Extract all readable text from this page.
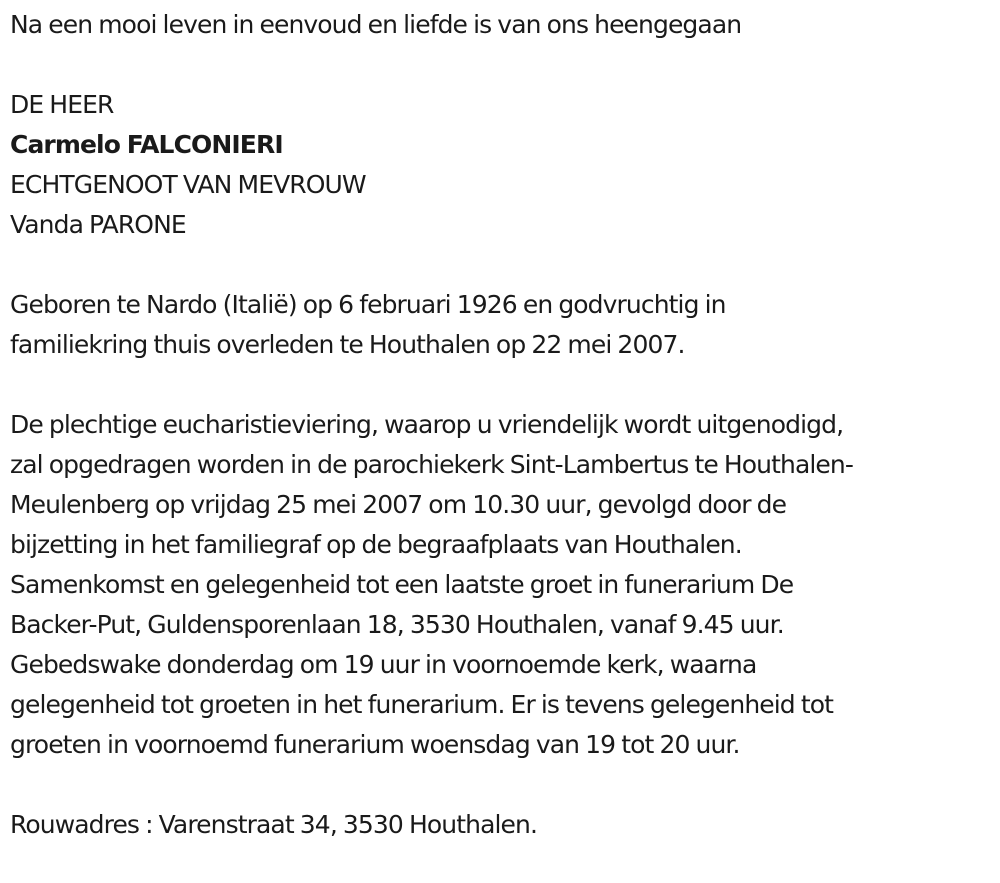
Na een mooi leven in eenvoud en liefde is van ons heengegaan
DE HEER
Carmelo FALCONIERI
ECHTGENOOT VAN MEVROUW
Vanda PARONE
Geboren te Nardo (Italië) op 6 februari 1926 en godvruchtig in
familiekring thuis overleden te Houthalen op 22 mei 2007.
De plechtige eucharistieviering, waarop u vriendelijk wordt uitgenodigd,
zal opgedragen worden in de parochiekerk Sint-Lambertus te Houthalen-
Meulenberg op vrijdag 25 mei 2007 om 10.30 uur, gevolgd door de
bijzetting in het familiegraf op de begraafplaats van Houthalen.
Samenkomst en gelegenheid tot een laatste groet in funerarium De
Backer-Put, Guldensporenlaan 18, 3530 Houthalen, vanaf 9.45 uur.
Gebedswake donderdag om 19 uur in voornoemde kerk, waarna
gelegenheid tot groeten in het funerarium. Er is tevens gelegenheid tot
groeten in voornoemd funerarium woensdag van 19 tot 20 uur.
Rouwadres : Varenstraat 34, 3530 Houthalen.
